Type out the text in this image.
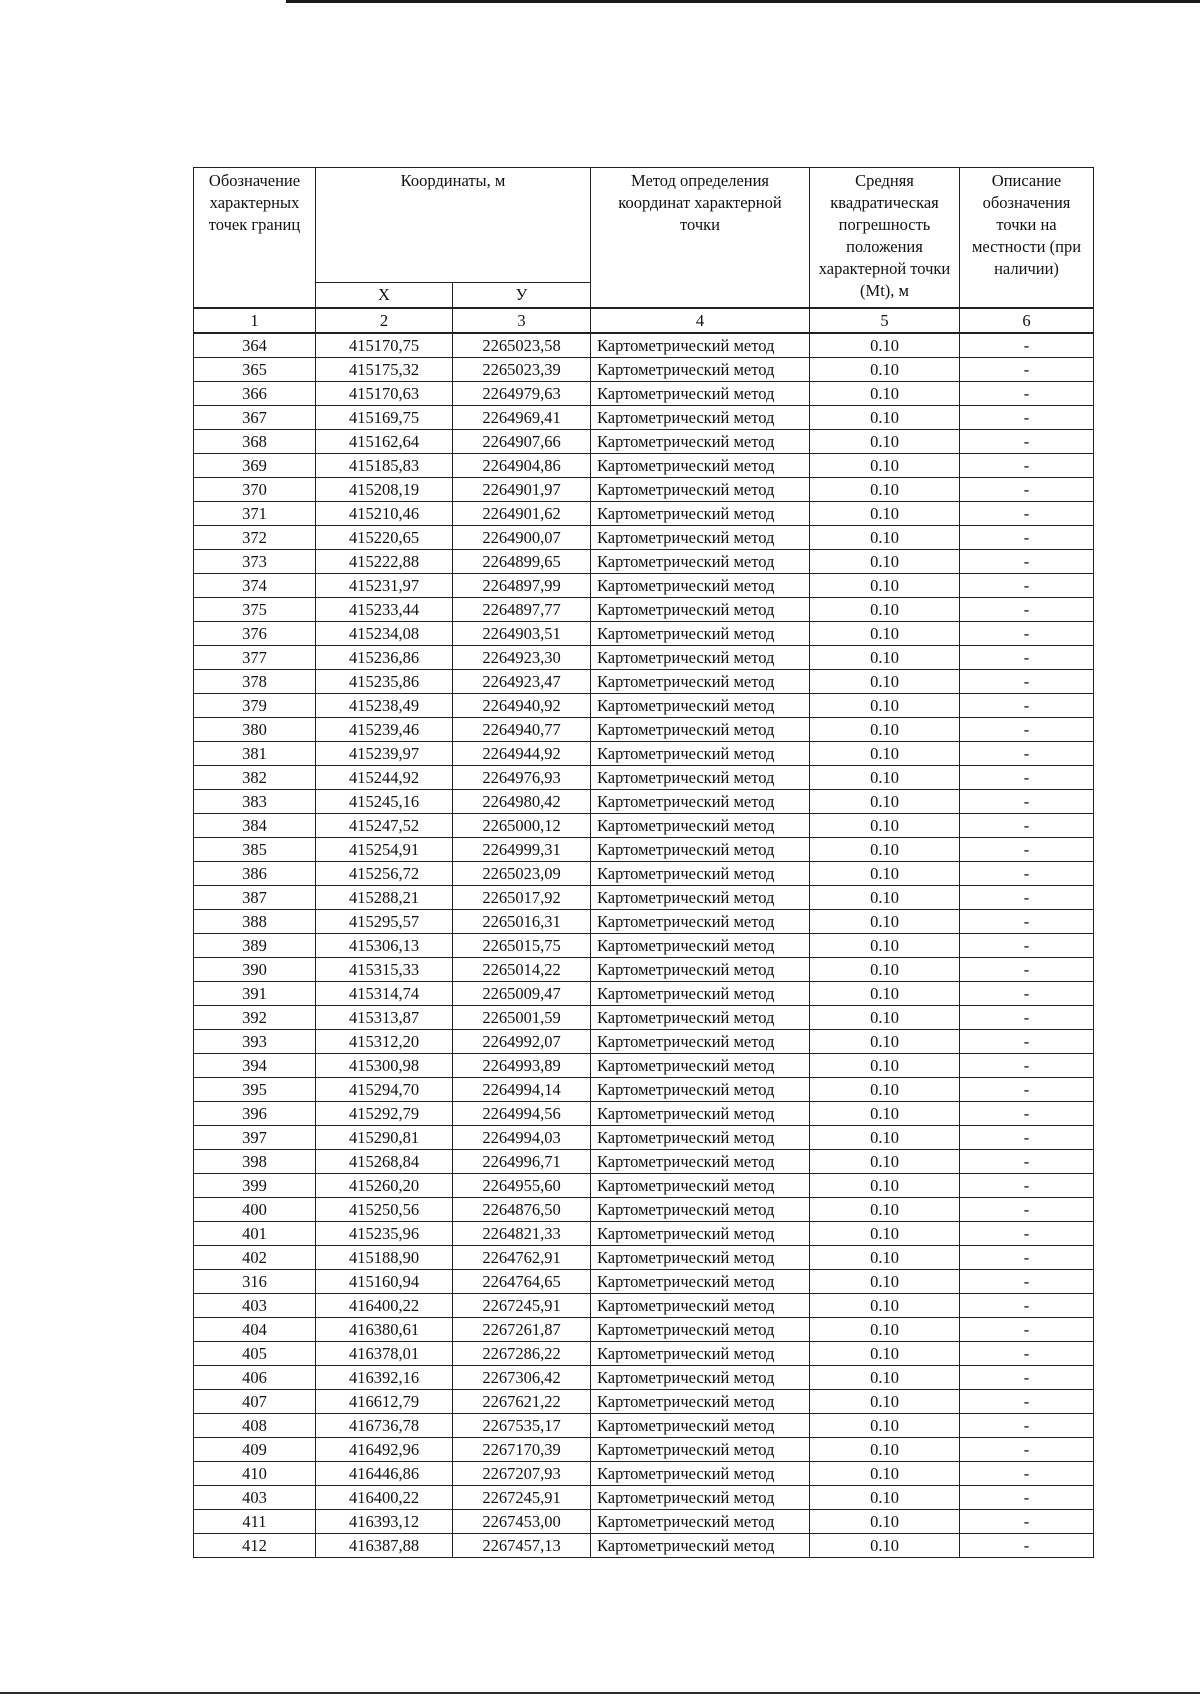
Обозначение характерных точек границ	Координаты, м		Метод определения координат характерной точки	Средняя квадратическая погрешность положения характерной точки (Mt), м	Описание обозначения точки на местности (при наличии)
	X	У			
1	2	3	4	5	6
364	415170,75	2265023,58	Картометрический метод	0.10	-
365	415175,32	2265023,39	Картометрический метод	0.10	-
366	415170,63	2264979,63	Картометрический метод	0.10	-
367	415169,75	2264969,41	Картометрический метод	0.10	-
368	415162,64	2264907,66	Картометрический метод	0.10	-
369	415185,83	2264904,86	Картометрический метод	0.10	-
370	415208,19	2264901,97	Картометрический метод	0.10	-
371	415210,46	2264901,62	Картометрический метод	0.10	-
372	415220,65	2264900,07	Картометрический метод	0.10	-
373	415222,88	2264899,65	Картометрический метод	0.10	-
374	415231,97	2264897,99	Картометрический метод	0.10	-
375	415233,44	2264897,77	Картометрический метод	0.10	-
376	415234,08	2264903,51	Картометрический метод	0.10	-
377	415236,86	2264923,30	Картометрический метод	0.10	-
378	415235,86	2264923,47	Картометрический метод	0.10	-
379	415238,49	2264940,92	Картометрический метод	0.10	-
380	415239,46	2264940,77	Картометрический метод	0.10	-
381	415239,97	2264944,92	Картометрический метод	0.10	-
382	415244,92	2264976,93	Картометрический метод	0.10	-
383	415245,16	2264980,42	Картометрический метод	0.10	-
384	415247,52	2265000,12	Картометрический метод	0.10	-
385	415254,91	2264999,31	Картометрический метод	0.10	-
386	415256,72	2265023,09	Картометрический метод	0.10	-
387	415288,21	2265017,92	Картометрический метод	0.10	-
388	415295,57	2265016,31	Картометрический метод	0.10	-
389	415306,13	2265015,75	Картометрический метод	0.10	-
390	415315,33	2265014,22	Картометрический метод	0.10	-
391	415314,74	2265009,47	Картометрический метод	0.10	-
392	415313,87	2265001,59	Картометрический метод	0.10	-
393	415312,20	2264992,07	Картометрический метод	0.10	-
394	415300,98	2264993,89	Картометрический метод	0.10	-
395	415294,70	2264994,14	Картометрический метод	0.10	-
396	415292,79	2264994,56	Картометрический метод	0.10	-
397	415290,81	2264994,03	Картометрический метод	0.10	-
398	415268,84	2264996,71	Картометрический метод	0.10	-
399	415260,20	2264955,60	Картометрический метод	0.10	-
400	415250,56	2264876,50	Картометрический метод	0.10	-
401	415235,96	2264821,33	Картометрический метод	0.10	-
402	415188,90	2264762,91	Картометрический метод	0.10	-
316	415160,94	2264764,65	Картометрический метод	0.10	-
403	416400,22	2267245,91	Картометрический метод	0.10	-
404	416380,61	2267261,87	Картометрический метод	0.10	-
405	416378,01	2267286,22	Картометрический метод	0.10	-
406	416392,16	2267306,42	Картометрический метод	0.10	-
407	416612,79	2267621,22	Картометрический метод	0.10	-
408	416736,78	2267535,17	Картометрический метод	0.10	-
409	416492,96	2267170,39	Картометрический метод	0.10	-
410	416446,86	2267207,93	Картометрический метод	0.10	-
403	416400,22	2267245,91	Картометрический метод	0.10	-
411	416393,12	2267453,00	Картометрический метод	0.10	-
412	416387,88	2267457,13	Картометрический метод	0.10	-
